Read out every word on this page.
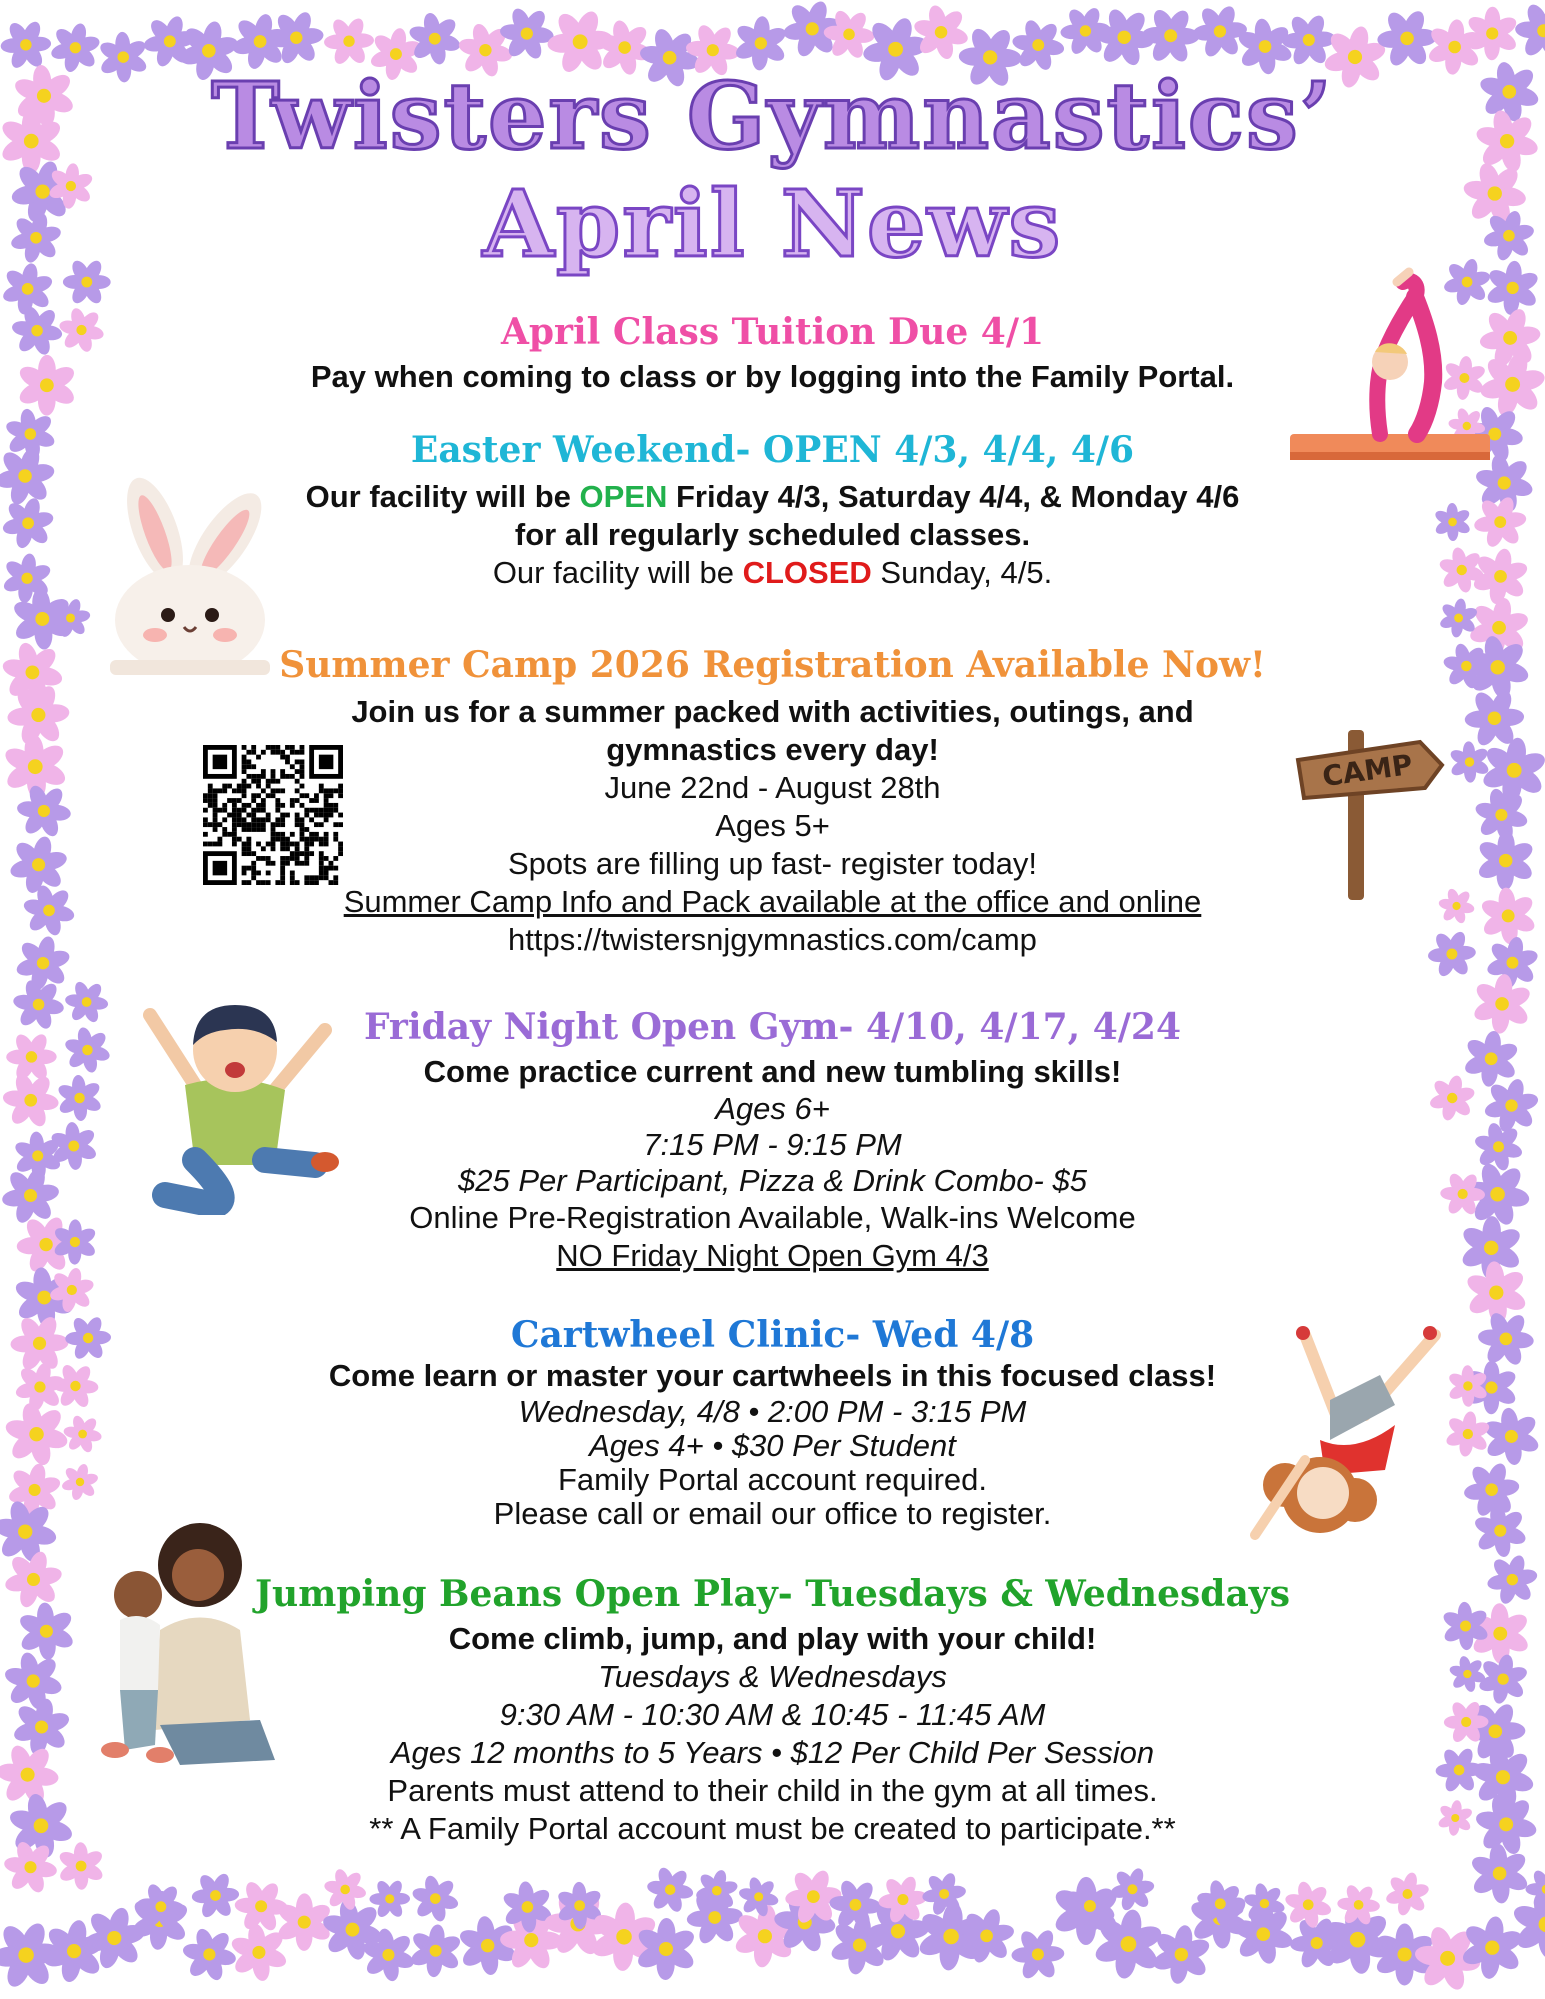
Twisters Gymnastics’
April News
April Class Tuition Due 4/1
Pay when coming to class or by logging into the Family Portal.
Easter Weekend- OPEN 4/3, 4/4, 4/6
Our facility will be OPEN Friday 4/3, Saturday 4/4, & Monday 4/6
for all regularly scheduled classes.
Our facility will be CLOSED Sunday, 4/5.
Summer Camp 2026 Registration Available Now!
Join us for a summer packed with activities, outings, and
gymnastics every day!
June 22nd - August 28th
Ages 5+
Spots are filling up fast- register today!
Summer Camp Info and Pack available at the office and online
https://twistersnjgymnastics.com/camp
Friday Night Open Gym- 4/10, 4/17, 4/24
Come practice current and new tumbling skills!
Ages 6+
7:15 PM - 9:15 PM
$25 Per Participant, Pizza & Drink Combo- $5
Online Pre-Registration Available, Walk-ins Welcome
NO Friday Night Open Gym 4/3
Cartwheel Clinic- Wed 4/8
Come learn or master your cartwheels in this focused class!
Wednesday, 4/8 • 2:00 PM - 3:15 PM
Ages 4+ • $30 Per Student
Family Portal account required.
Please call or email our office to register.
Jumping Beans Open Play- Tuesdays & Wednesdays
Come climb, jump, and play with your child!
Tuesdays & Wednesdays
9:30 AM - 10:30 AM & 10:45 - 11:45 AM
Ages 12 months to 5 Years • $12 Per Child Per Session
Parents must attend to their child in the gym at all times.
** A Family Portal account must be created to participate.**
CAMP
